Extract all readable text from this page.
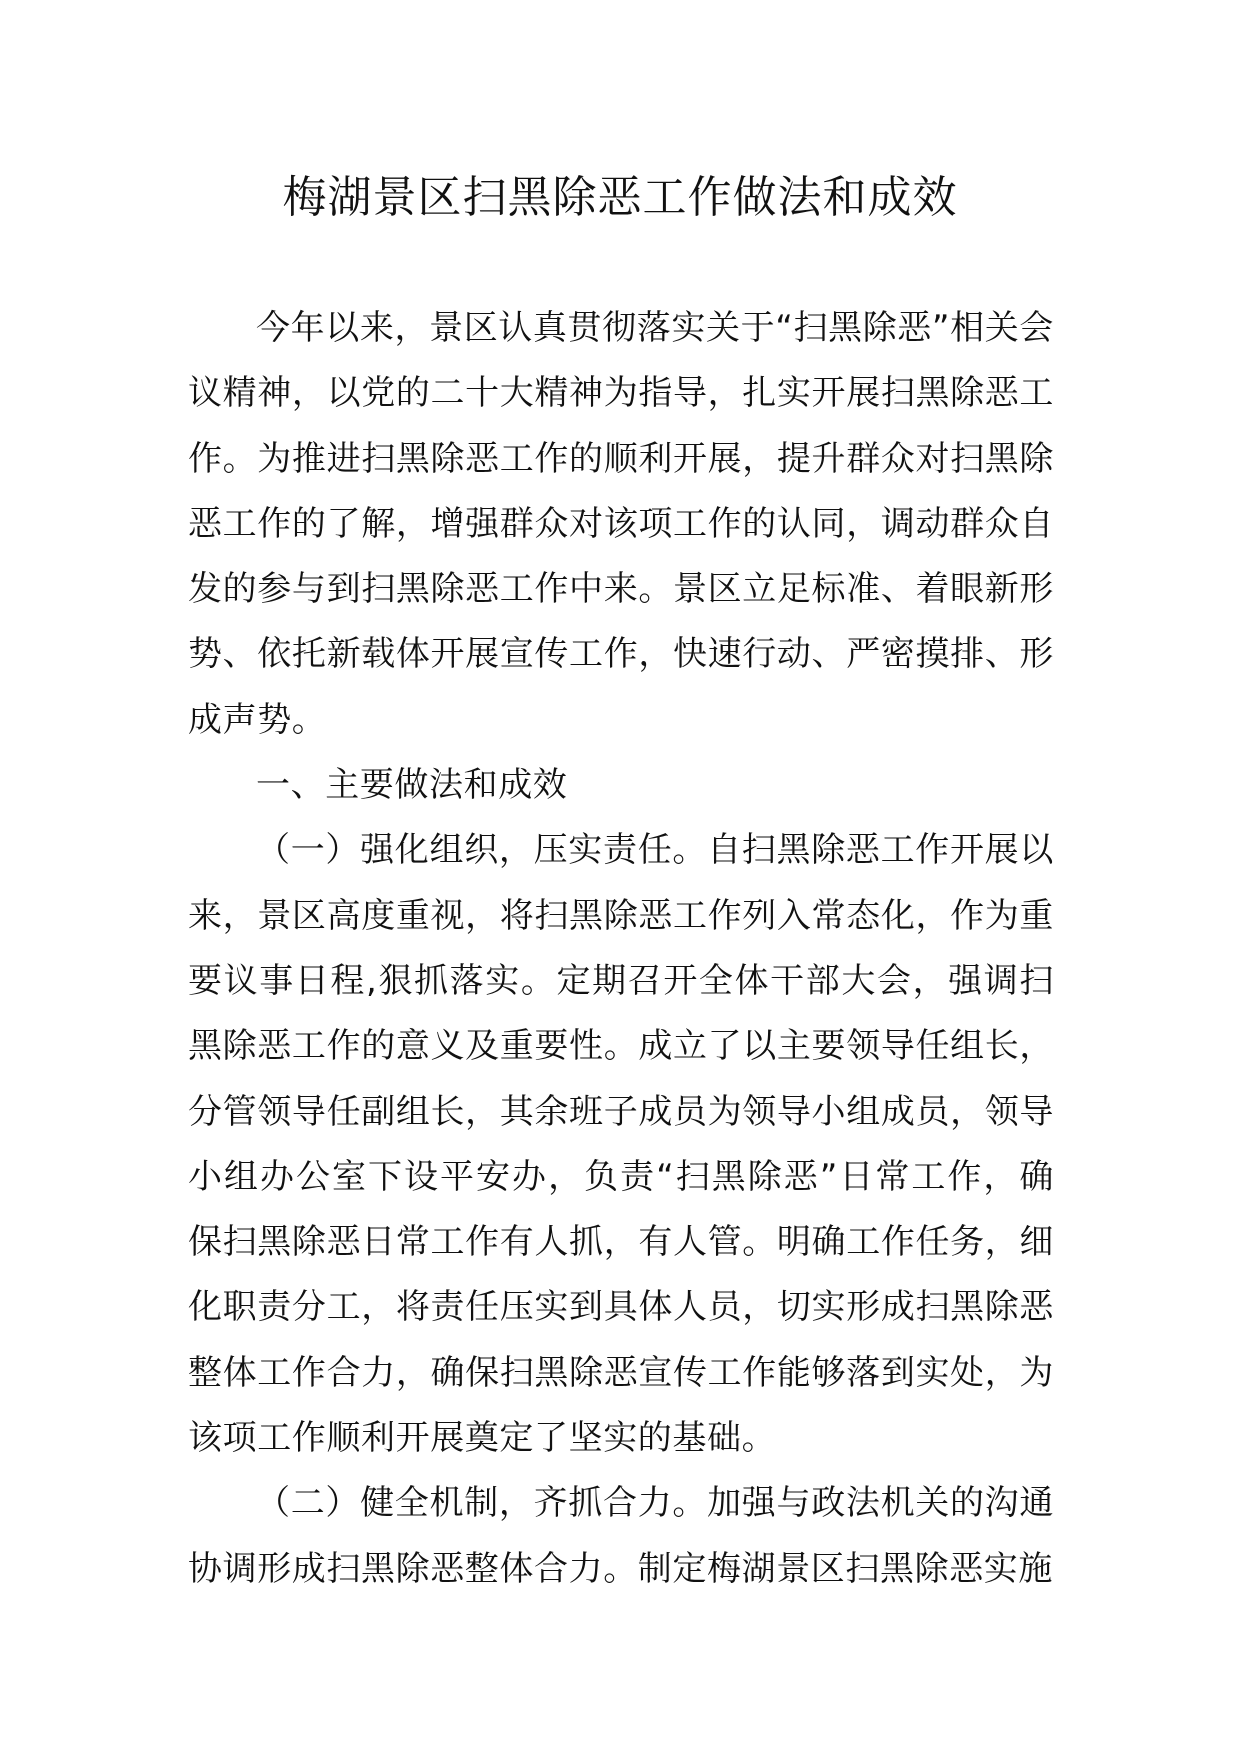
梅湖景区扫黑除恶工作做法和成效

今年以来，景区认真贯彻落实关于“扫黑除恶”相关会议精神，以党的二十大精神为指导，扎实开展扫黑除恶工作。为推进扫黑除恶工作的顺利开展，提升群众对扫黑除恶工作的了解，增强群众对该项工作的认同，调动群众自发的参与到扫黑除恶工作中来。景区立足标准、着眼新形势、依托新载体开展宣传工作，快速行动、严密摸排、形成声势。

一、主要做法和成效

（一）强化组织，压实责任。自扫黑除恶工作开展以来，景区高度重视，将扫黑除恶工作列入常态化，作为重要议事日程,狠抓落实。定期召开全体干部大会，强调扫黑除恶工作的意义及重要性。成立了以主要领导任组长，分管领导任副组长，其余班子成员为领导小组成员，领导小组办公室下设平安办，负责“扫黑除恶”日常工作，确保扫黑除恶日常工作有人抓，有人管。明确工作任务，细化职责分工，将责任压实到具体人员，切实形成扫黑除恶整体工作合力，确保扫黑除恶宣传工作能够落到实处，为该项工作顺利开展奠定了坚实的基础。

（二）健全机制，齐抓合力。加强与政法机关的沟通协调形成扫黑除恶整体合力。制定梅湖景区扫黑除恶实施
